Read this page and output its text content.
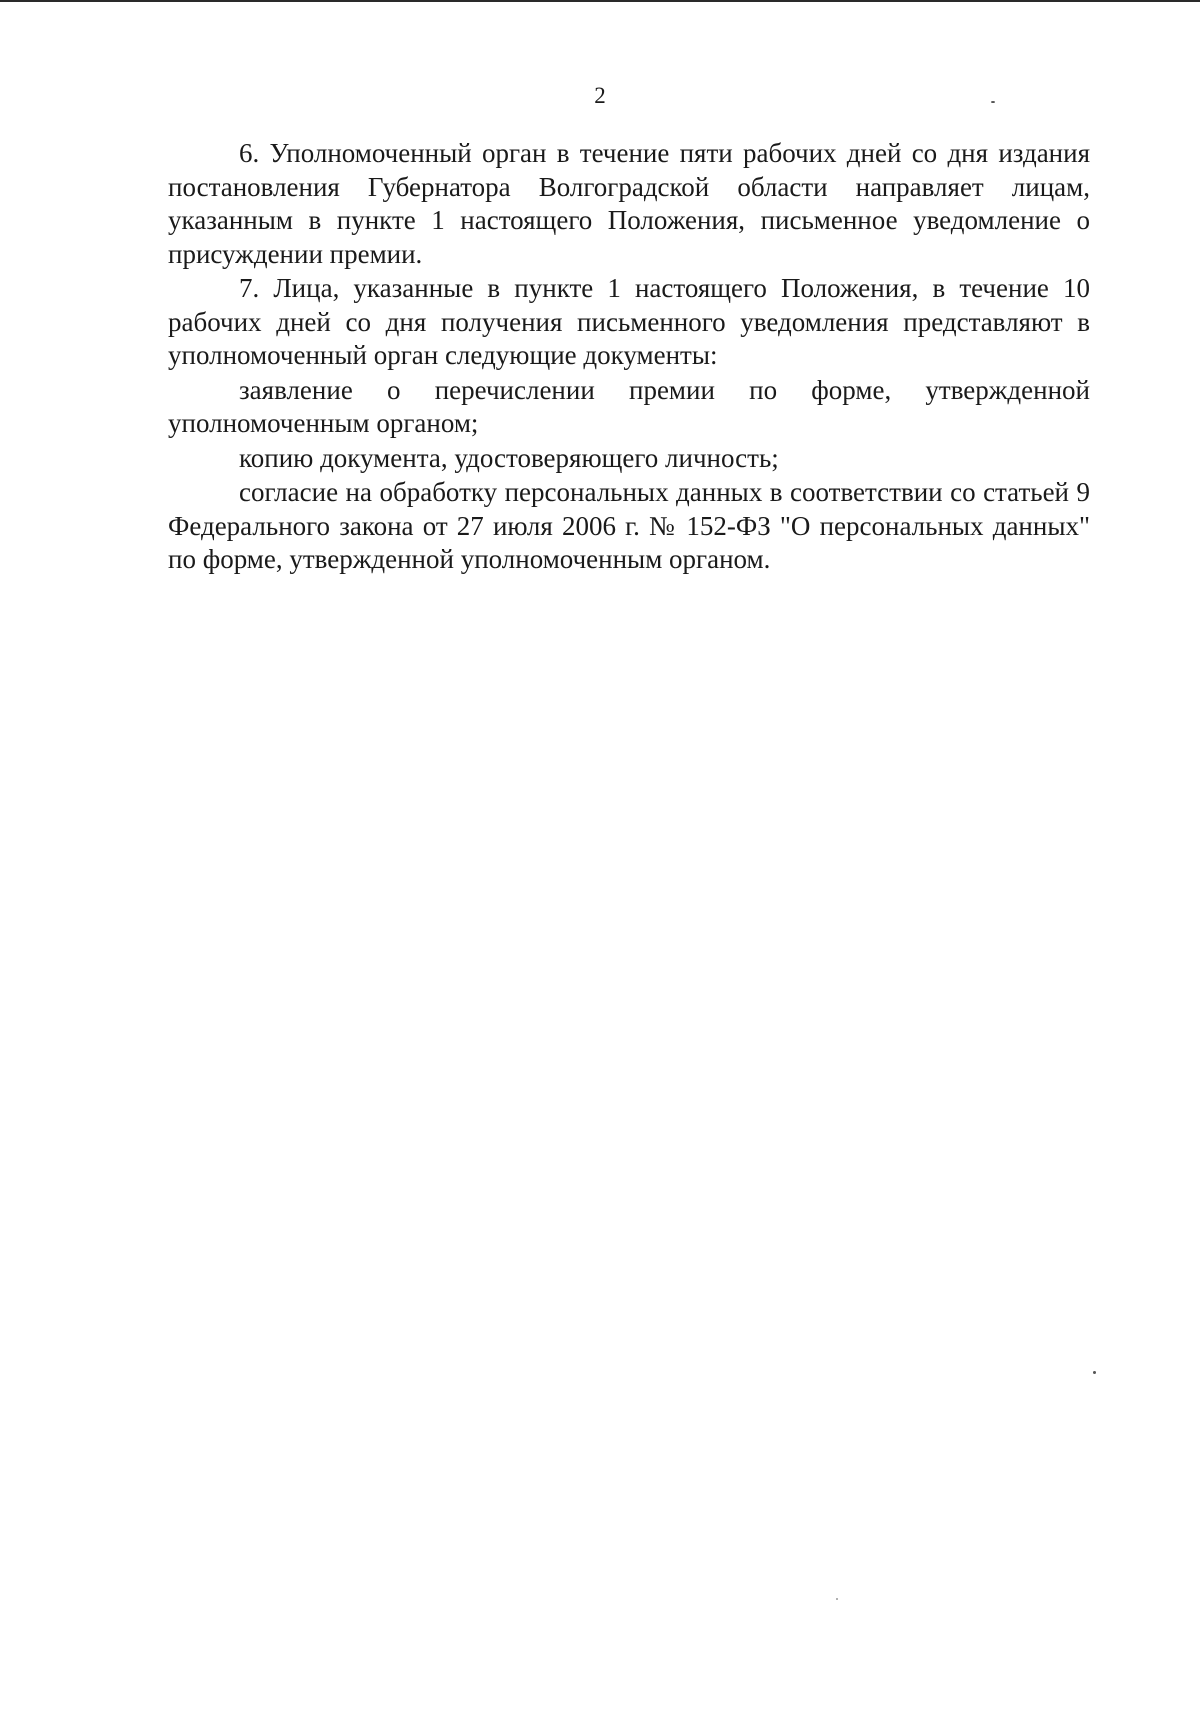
2

6. Уполномоченный орган в течение пяти рабочих дней со дня издания постановления Губернатора Волгоградской области направляет лицам, указанным в пункте 1 настоящего Положения, письменное уведомление о присуждении премии.

7. Лица, указанные в пункте 1 настоящего Положения, в течение 10 рабочих дней со дня получения письменного уведомления представляют в уполномоченный орган следующие документы:

заявление о перечислении премии по форме, утвержденной уполномоченным органом;

копию документа, удостоверяющего личность;

согласие на обработку персональных данных в соответствии со статьей 9 Федерального закона от 27 июля 2006 г. № 152-ФЗ "О персональных данных" по форме, утвержденной уполномоченным органом.
